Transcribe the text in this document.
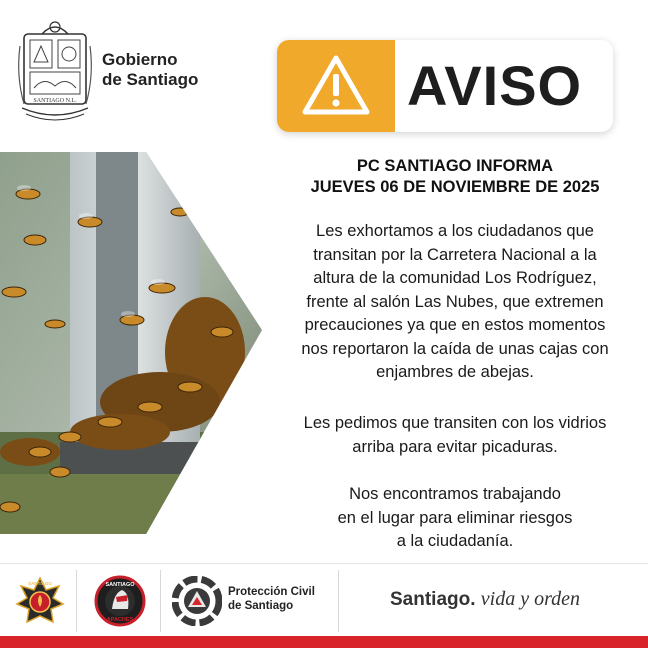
SANTIAGO N.L.
Gobierno
de Santiago	AVISO
PC SANTIAGO INFORMA
JUEVES 06 DE NOVIEMBRE DE 2025
Les exhortamos a los ciudadanos que
transitan por la Carretera Nacional a la
altura de la comunidad Los Rodríguez,
frente al salón Las Nubes, que extremen
precauciones ya que en estos momentos
nos reportaron la caída de unas cajas con
enjambres de abejas.
Les pedimos que transiten con los vidrios
arriba para evitar picaduras.
Nos encontramos trabajando
en el lugar para eliminar riesgos
a la ciudadanía.
SANTIAGO	SANTIAGO
APACHES
Protección Civil
de Santiago	Santiago. vida y orden
